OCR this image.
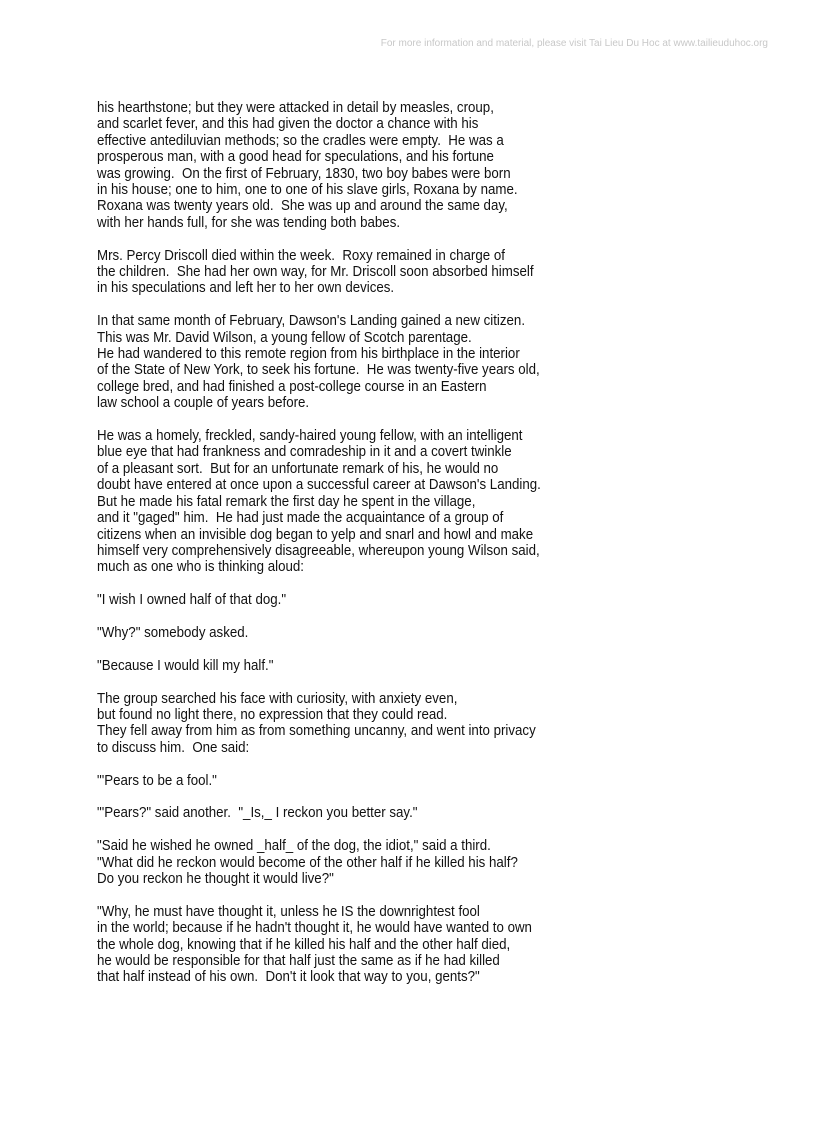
For more information and material, please visit Tai Lieu Du Hoc at www.tailieuduhoc.org

his hearthstone; but they were attacked in detail by measles, croup,
and scarlet fever, and this had given the doctor a chance with his
effective antediluvian methods; so the cradles were empty.  He was a
prosperous man, with a good head for speculations, and his fortune
was growing.  On the first of February, 1830, two boy babes were born
in his house; one to him, one to one of his slave girls, Roxana by name.
Roxana was twenty years old.  She was up and around the same day,
with her hands full, for she was tending both babes.

Mrs. Percy Driscoll died within the week.  Roxy remained in charge of
the children.  She had her own way, for Mr. Driscoll soon absorbed himself
in his speculations and left her to her own devices.

In that same month of February, Dawson's Landing gained a new citizen.
This was Mr. David Wilson, a young fellow of Scotch parentage.
He had wandered to this remote region from his birthplace in the interior
of the State of New York, to seek his fortune.  He was twenty-five years old,
college bred, and had finished a post-college course in an Eastern
law school a couple of years before.

He was a homely, freckled, sandy-haired young fellow, with an intelligent
blue eye that had frankness and comradeship in it and a covert twinkle
of a pleasant sort.  But for an unfortunate remark of his, he would no
doubt have entered at once upon a successful career at Dawson's Landing.
But he made his fatal remark the first day he spent in the village,
and it "gaged" him.  He had just made the acquaintance of a group of
citizens when an invisible dog began to yelp and snarl and howl and make
himself very comprehensively disagreeable, whereupon young Wilson said,
much as one who is thinking aloud:

"I wish I owned half of that dog."

"Why?" somebody asked.

"Because I would kill my half."

The group searched his face with curiosity, with anxiety even,
but found no light there, no expression that they could read.
They fell away from him as from something uncanny, and went into privacy
to discuss him.  One said:

"'Pears to be a fool."

"'Pears?" said another.  "_Is,_ I reckon you better say."

"Said he wished he owned _half_ of the dog, the idiot," said a third.
"What did he reckon would become of the other half if he killed his half?
Do you reckon he thought it would live?"

"Why, he must have thought it, unless he IS the downrightest fool
in the world; because if he hadn't thought it, he would have wanted to own
the whole dog, knowing that if he killed his half and the other half died,
he would be responsible for that half just the same as if he had killed
that half instead of his own.  Don't it look that way to you, gents?"
